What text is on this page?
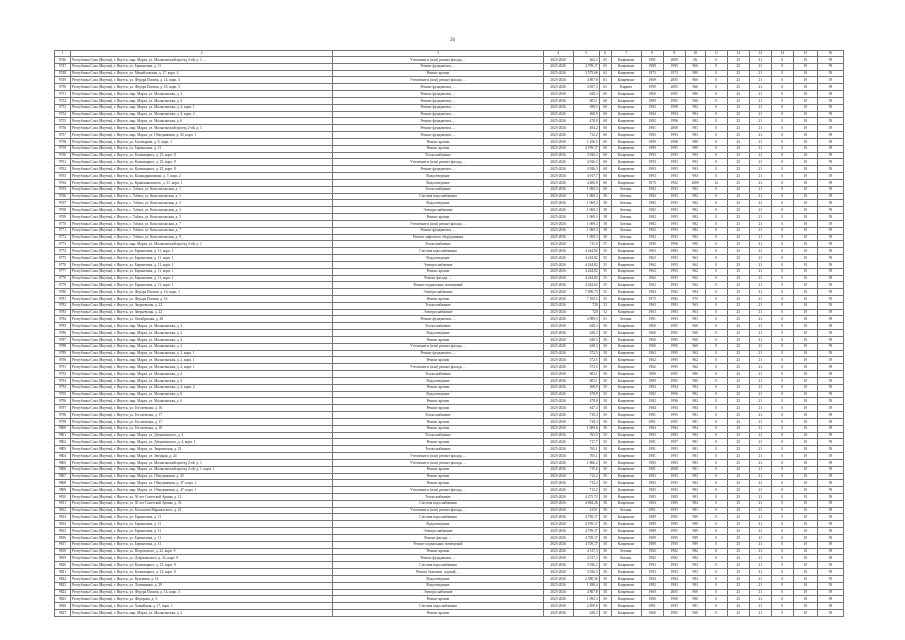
26
1	2	3	4	5	6	7	8	9	10	11	12	13	14	15	16
9746	Республика Саха (Якутия), г. Якутск, мкр. Марха, ул. Малыгинский проезд 2-ой, д. 1, ...	Утепление и (или) ремонт фасада, ...	2025-2026	402,2	65	Капремонт	1981	2009	66	0	25	21	0	10	59
9747	Республика Саха (Якутия), г. Якутск, ул. Беринговка, д. 11	Ремонт фундамента, ...	2025-2026	4 709,17	65	Капремонт	1989	1995	966	0	25	21	0	10	59
9748	Республика Саха (Якутия), г. Якутск, ул. Михайловская, д. 17, корп. 4	Ремонт кровли	2025-2026	3 575,66	62	Капремонт	1973	1973	980	0	25	21	0	10	59
9749	Республика Саха (Якутия), г. Якутск, ул. Федора Попова, д. 14, корп. 3	Утепление и (или) ремонт фасада, ...	2025-2026	4 807,8	61	Капремонт	1969	2005	966	0	25	21	0	10	59
9750	Республика Саха (Якутия), г. Якутск, ул. Федора Попова, д. 18, корп. 3	Ремонт фундамента, ...	2025-2026	3 857,3	61	Кирпич	1990	2005	966	0	25	21	0	10	59
9751	Республика Саха (Якутия), г. Якутск, мкр. Марха, ул. Малыгинская, д. 2	Ремонт фундамента, ...	2025-2026	628,3	60	Капремонт	1960	1995	980	0	25	21	0	10	59
9752	Республика Саха (Якутия), г. Якутск, мкр. Марха, ул. Малыгинская, д. 4	Ремонт фундамента, ...	2025-2026	603,1	60	Капремонт	1980	1995	966	0	25	21	0	10	59
9753	Республика Саха (Якутия), г. Якутск, мкр. Марха, ул. Малыгинская, д. 4, корп. 1	Ремонт фундамента, ...	2025-2026	698,5	60	Капремонт	1982	1998	982	0	25	21	0	10	59
9754	Республика Саха (Якутия), г. Якутск, мкр. Марха, ул. Малыгинская, д. 4, корп. 2	Ремонт фундамента, ...	2025-2026	468,9	60	Капремонт	1984	1994	984	0	25	21	0	10	59
9755	Республика Саха (Якутия), г. Якутск, мкр. Марха, ул. Малыгинская, д. 6	Ремонт фундамента, ...	2025-2026	478,8	60	Капремонт	1982	1996	982	0	25	21	0	10	59
9756	Республика Саха (Якутия), г. Якутск, мкр. Марха, ул. Малыгинский проезд 2-ой, д. 1	Ремонт фундамента, ...	2025-2026	484,2	60	Капремонт	1981	2008	981	0	25	21	0	10	59
9757	Республика Саха (Якутия), г. Якутск, мкр. Марха, ул. Объединения, д. 45, корп. 1	Ремонт фундамента, ...	2025-2026	712,2	60	Капремонт	1983	1993	983	0	25	21	0	10	59
9758	Республика Саха (Якутия), г. Якутск, ул. Богатырева, д. 9, корп. 1	Ремонт кровли	2025-2026	1 256,5	60	Капремонт	1989	1998	989	0	25	21	0	10	59
9759	Республика Саха (Якутия), г. Якутск, ул. Беринговка, д. 11	Ремонт кровли	2025-2026	4 709,17	60	Капремонт	1989	1995	989	0	25	21	0	10	59
9760	Республика Саха (Якутия), г. Якутск, ул. Кальвицкого, д. 25, корп. 8	Теплоснабжение	2025-2026	3 926,3	60	Капремонт	1993	1993	993	0	25	21	0	10	59
9761	Республика Саха (Якутия), г. Якутск, ул. Кальвицкого, д. 25, корп. 8	Утепление и (или) ремонт фасада, ...	2025-2026	4 926,3	60	Капремонт	1993	1993	993	0	25	21	0	10	59
9762	Республика Саха (Якутия), г. Якутск, ул. Кальвицкого, д. 25, корп. 8	Ремонт фундамента, ...	2025-2026	3 926,3	60	Капремонт	1993	1993	993	0	25	21	0	10	59
9763	Республика Саха (Якутия), г. Якутск, ул. Каландаришвили, д. 7, корп. 2	Водоотведение	2025-2026	4 917,7	60	Капремонт	1993	1993	993	0	25	21	0	10	59
9764	Республика Саха (Якутия), г. Якутск, ул. Кржижановского, д. 31, корп. 1	Водоотведение	2025-2026	4 406,8	60	Капремонт	1975	1982	2009	12	25	21	0	10	59
9765	Республика Саха (Якутия), г. Якутск, с. Табага, ул. Комсомольская, д. 1	Теплоснабжение	2025-2026	1 069,3	60	Бетонн.	1982	1993	982	0	25	21	0	10	59
9766	Республика Саха (Якутия), г. Якутск, с. Табага, ул. Комсомольская, д. 1	Система водоснабжения	2025-2026	1 069,3	58	Бетонн.	1982	1993	982	0	25	21	0	10	59
9767	Республика Саха (Якутия), г. Якутск, с. Табага, ул. Комсомольская, д. 3	Водоотведение	2025-2026	1 069,3	58	Бетонн.	1982	1993	982	0	25	21	0	10	59
9768	Республика Саха (Якутия), г. Якутск, с. Табага, ул. Комсомольская, д. 3	Электроснабжение	2025-2026	1 069,3	58	Бетонн.	1982	1993	982	0	25	21	0	10	59
9769	Республика Саха (Якутия), г. Якутск, с. Табага, ул. Комсомольская, д. 5	Ремонт кровли	2025-2026	1 069,3	58	Бетонн.	1982	1993	982	0	25	21	0	10	59
9770	Республика Саха (Якутия), г. Якутск, с. Табага, ул. Комсомольская, д. 7	Утепление и (или) ремонт фасада, ...	2025-2026	1 069,3	58	Бетонн.	1982	1993	982	0	25	21	0	10	59
9771	Республика Саха (Якутия), г. Якутск, с. Табага, ул. Комсомольская, д. 7	Ремонт фундамента, ...	2025-2026	1 069,3	58	Бетонн.	1982	1993	982	0	25	21	0	10	59
9772	Республика Саха (Якутия), г. Якутск, с. Табага, ул. Комсомольская, д. 9	Ремонт лифтового оборудования	2025-2026	1 069,3	58	Бетонн.	1982	1993	982	0	25	21	0	10	59
9773	Республика Саха (Якутия), г. Якутск, мкр. Марха, ул. Малыгинский проезд 2-ой, д. 1	Теплоснабжение	2025-2026	715,9	57	Капремонт	1990	1996	990	0	25	21	0	10	59
9774	Республика Саха (Якутия), г. Якутск, ул. Беринговка, д. 11, корп. 1	Система водоснабжения	2025-2026	4 244,82	55	Капремонт	1962	1983	962	0	25	21	0	10	59
9775	Республика Саха (Якутия), г. Якутск, ул. Беринговка, д. 11, корп. 1	Водоотведение	2025-2026	4 244,82	55	Капремонт	1963	1993	963	0	25	21	0	10	59
9776	Республика Саха (Якутия), г. Якутск, ул. Беринговка, д. 11, корп. 1	Электроснабжение	2025-2026	4 244,82	55	Капремонт	1962	1993	962	0	25	21	0	10	59
9777	Республика Саха (Якутия), г. Якутск, ул. Беринговка, д. 11, корп. 1	Ремонт кровли	2025-2026	4 244,82	55	Капремонт	1962	1993	962	0	25	21	0	10	59
9778	Республика Саха (Якутия), г. Якутск, ул. Беринговка, д. 11, корп. 1	Ремонт фасада, ...	2025-2026	4 244,82	55	Капремонт	1962	1993	962	0	25	21	0	10	59
9779	Республика Саха (Якутия), г. Якутск, ул. Беринговка, д. 11, корп. 1	Ремонт подвальных помещений	2025-2026	4 244,82	55	Капремонт	1962	1993	962	0	25	21	0	10	59
9780	Республика Саха (Якутия), г. Якутск, ул. Федора Попова, д. 16, корп. 1	Электроснабжение	2025-2026	7 096,73	55	Капремонт	1984	1982	984	0	25	21	0	10	59
9781	Республика Саха (Якутия), г. Якутск, ул. Федора Попова, д. 16	Ремонт кровли	2025-2026	7 100,5	55	Капремонт	1975	1982	975	0	25	21	0	10	59
9782	Республика Саха (Якутия), г. Якутск, ул. Зверьевская, д. 22	Теплоснабжение	2025-2026	720	52	Капремонт	1963	1983	963	0	25	21	0	10	59
9783	Республика Саха (Якутия), г. Якутск, ул. Зверьевская, д. 22	Электроснабжение	2025-2026	720	52	Капремонт	1963	1983	963	0	25	21	0	10	59
9784	Республика Саха (Якутия), г. Якутск, ул. Октябрьская, д. 28	Ремонт фундамента, ...	2025-2026	4 989,3	51	Бетонн.	1981	1993	981	0	25	21	0	10	59
9785	Республика Саха (Якутия), г. Якутск, мкр. Марха, ул. Малыгинская, д. 2	Теплоснабжение	2025-2026	628,3	50	Капремонт	1960	1995	960	0	25	21	0	10	59
9786	Республика Саха (Якутия), г. Якутск, мкр. Марха, ул. Малыгинская, д. 2	Водоотведение	2025-2026	628,3	50	Капремонт	1960	1995	960	0	25	21	0	10	59
9787	Республика Саха (Якутия), г. Якутск, мкр. Марха, ул. Малыгинская, д. 2	Ремонт кровли	2025-2026	628,3	50	Капремонт	1960	1995	960	0	25	21	0	10	59
9788	Республика Саха (Якутия), г. Якутск, мкр. Марха, ул. Малыгинская, д. 2	Утепление и (или) ремонт фасада, ...	2025-2026	628,3	50	Капремонт	1960	1995	960	0	25	21	0	10	59
9789	Республика Саха (Якутия), г. Якутск, мкр. Марха, ул. Малыгинская, д. 2, корп. 1	Ремонт фундамента, ...	2025-2026	572,5	50	Капремонт	1962	1995	962	0	25	21	0	10	59
9790	Республика Саха (Якутия), г. Якутск, мкр. Марха, ул. Малыгинская, д. 2, корп. 1	Ремонт кровли	2025-2026	572,5	50	Капремонт	1962	1995	962	0	25	21	0	10	59
9791	Республика Саха (Якутия), г. Якутск, мкр. Марха, ул. Малыгинская, д. 2, корп. 1	Утепление и (или) ремонт фасада, ...	2025-2026	572,5	50	Капремонт	1962	1995	962	0	25	21	0	10	59
9792	Республика Саха (Якутия), г. Якутск, мкр. Марха, ул. Малыгинская, д. 4	Теплоснабжение	2025-2026	603,1	50	Капремонт	1980	1995	980	0	25	21	0	10	59
9793	Республика Саха (Якутия), г. Якутск, мкр. Марха, ул. Малыгинская, д. 4	Водоотведение	2025-2026	603,1	50	Капремонт	1980	1995	980	0	25	21	0	10	59
9794	Республика Саха (Якутия), г. Якутск, мкр. Марха, ул. Малыгинская, д. 4, корп. 2	Ремонт кровли	2025-2026	468,9	50	Капремонт	1984	1994	984	0	25	21	0	10	59
9795	Республика Саха (Якутия), г. Якутск, мкр. Марха, ул. Малыгинская, д. 6	Водоотведение	2025-2026	478,8	50	Капремонт	1982	1996	982	0	25	21	0	10	59
9796	Республика Саха (Якутия), г. Якутск, мкр. Марха, ул. Малыгинская, д. 6	Ремонт кровли	2025-2026	478,8	50	Капремонт	1982	1996	982	0	25	21	0	10	59
9797	Республика Саха (Якутия), г. Якутск, ул. Гоголевская, д. 16	Ремонт кровли	2025-2026	647,3	50	Капремонт	1984	1994	984	0	25	21	0	10	59
9798	Республика Саха (Якутия), г. Якутск, ул. Гоголевская, д. 17	Теплоснабжение	2025-2026	718,3	50	Капремонт	1981	1995	981	0	25	21	0	10	59
9799	Республика Саха (Якутия), г. Якутск, ул. Гоголевская, д. 17	Ремонт кровли	2025-2026	718,3	50	Капремонт	1981	1995	981	0	25	21	0	10	59
9800	Республика Саха (Якутия), г. Якутск, ул. Гоголевская, д. 18	Ремонт кровли	2025-2026	1 689,6	50	Капремонт	1984	1984	984	0	25	21	0	10	59
9801	Республика Саха (Якутия), г. Якутск, мкр. Марха, ул. Дзержинского, д. 4	Теплоснабжение	2025-2026	763,9	50	Капремонт	1983	1983	983	0	25	21	0	10	59
9802	Республика Саха (Якутия), г. Якутск, мкр. Марха, ул. Дзержинского, д. 4, корп. 1	Ремонт кровли	2025-2026	717,7	50	Капремонт	1981	1997	981	0	25	21	0	10	59
9803	Республика Саха (Якутия), г. Якутск, мкр. Марха, ул. Зверьевская, д. 21	Теплоснабжение	2025-2026	765,1	50	Капремонт	1981	1993	981	0	25	21	0	10	59
9804	Республика Саха (Якутия), г. Якутск, мкр. Марха, ул. Звездная, д. 24	Утепление и (или) ремонт фасада, ...	2025-2026	765,1	50	Капремонт	1981	1993	981	0	25	21	0	10	59
9805	Республика Саха (Якутия), г. Якутск, мкр. Марха, ул. Малыгинский проезд 2-ой, д. 1	Утепление и (или) ремонт фасада, ...	2025-2026	1 866,2	50	Капремонт	1983	1983	983	0	25	21	0	10	59
9806	Республика Саха (Якутия), г. Якутск, мкр. Марха, ул. Малыгинский проезд 2-ой, д. 1, корп. 1	Ремонт кровли	2025-2026	719,6	50	Капремонт	1981	2008	981	0	25	21	0	10	59
9807	Республика Саха (Якутия), г. Якутск, мкр. Марха, ул. Объединения, д. 45	Ремонт кровли	2025-2026	712,2	50	Капремонт	1983	1993	983	0	25	21	0	10	59
9808	Республика Саха (Якутия), г. Якутск, мкр. Марха, ул. Объединения, д. 47, корп. 1	Ремонт кровли	2025-2026	712,2	50	Капремонт	1983	1993	983	0	25	21	0	10	59
9809	Республика Саха (Якутия), г. Якутск, мкр. Марха, ул. Объединения, д. 47, корп. 1	Утепление и (или) ремонт фасада, ...	2025-2026	712,2	50	Капремонт	1983	1993	983	0	25	21	0	10	59
9810	Республика Саха (Якутия), г. Якутск, ул. 50 лет Советской Армии, д. 12	Теплоснабжение	2025-2026	4 275,72	50	Капремонт	1983	1983	983	0	25	21	0	10	59
9811	Республика Саха (Якутия), г. Якутск, ул. 50 лет Советской Армии, д. 33	Система водоснабжения	2025-2026	4 084,26	50	Капремонт	1984	1985	984	0	25	21	0	10	59
9812	Республика Саха (Якутия), г. Якутск, ул. Беспалова Маршалского, д. 22	Утепление и (или) ремонт фасада, ...	2025-2026	4 031	50	Бетонн.	1981	1993	981	0	25	21	0	10	59
9813	Республика Саха (Якутия), г. Якутск, ул. Беринговка, д. 11	Система водоснабжения	2025-2026	4 709,17	50	Капремонт	1989	1995	989	0	25	21	0	10	59
9814	Республика Саха (Якутия), г. Якутск, ул. Беринговка, д. 11	Водоотведение	2025-2026	4 709,17	50	Капремонт	1989	1995	989	0	25	21	0	10	59
9815	Республика Саха (Якутия), г. Якутск, ул. Беринговка, д. 11	Электроснабжение	2025-2026	4 709,17	50	Капремонт	1989	1995	989	0	25	21	0	10	59
9816	Республика Саха (Якутия), г. Якутск, ул. Беринговка, д. 11	Ремонт фасада, ...	2025-2026	4 709,17	50	Капремонт	1989	1995	989	0	25	21	0	10	59
9817	Республика Саха (Якутия), г. Якутск, ул. Беринговка, д. 11	Ремонт подвальных помещений	2025-2026	4 709,17	50	Капремонт	1989	1995	989	0	25	21	0	10	59
9818	Республика Саха (Якутия), г. Якутск, ул. Петровского, д. 22, корп. 9	Ремонт кровли	2025-2026	4 517,3	50	Бетонн.	1982	1982	982	0	25	21	0	10	59
9819	Республика Саха (Якутия), г. Якутск, ул. Дзержинского, д. 22, корп. 9	Ремонт фундамента, ...	2025-2026	4 517,3	50	Бетонн.	1982	1982	982	0	25	21	0	10	59
9820	Республика Саха (Якутия), г. Якутск, ул. Кальвицкого, д. 25, корп. 8	Система водоснабжения	2025-2026	3 926,3	50	Капремонт	1993	1993	993	0	25	21	0	10	59
9821	Республика Саха (Якутия), г. Якутск, ул. Кальвицкого, д. 25, корп. 8	Ремонт балконов, лоджий, ...	2025-2026	3 926,3	50	Капремонт	1993	1993	993	0	25	21	0	10	59
9822	Республика Саха (Якутия), г. Якутск, ул. Кузьмина, д. 14	Водоотведение	2025-2026	2 580,36	50	Капремонт	1984	1984	984	0	25	21	0	10	59
9823	Республика Саха (Якутия), г. Якутск, ул. Логвиненко, д. 29	Водоотведение	2025-2026	1 498,4	50	Капремонт	1983	1983	983	0	25	21	0	10	59
9824	Республика Саха (Якутия), г. Якутск, ул. Федора Попова, д. 14, корп. 3	Электроснабжение	2025-2026	4 807,8	50	Капремонт	1969	2005	969	0	25	21	0	10	59
9825	Республика Саха (Якутия), г. Якутск, ул. Фёдорова, д. 3	Ремонт кровли	2025-2026	1 092,3	50	Капремонт	1980	1980	980	0	25	21	0	10	59
9826	Республика Саха (Якутия), г. Якутск, ул. Ханийская, д. 17, корп. 1	Система водоснабжения	2025-2026	2 859,6	50	Капремонт	1981	1993	981	0	25	21	0	10	59
9827	Республика Саха (Якутия), г. Якутск, мкр. Марха, ул. Малыгинская, д. 2	Ремонт кровли	2025-2026	628,3	50	Капремонт	1960	1995	960	0	25	21	0	10	59
